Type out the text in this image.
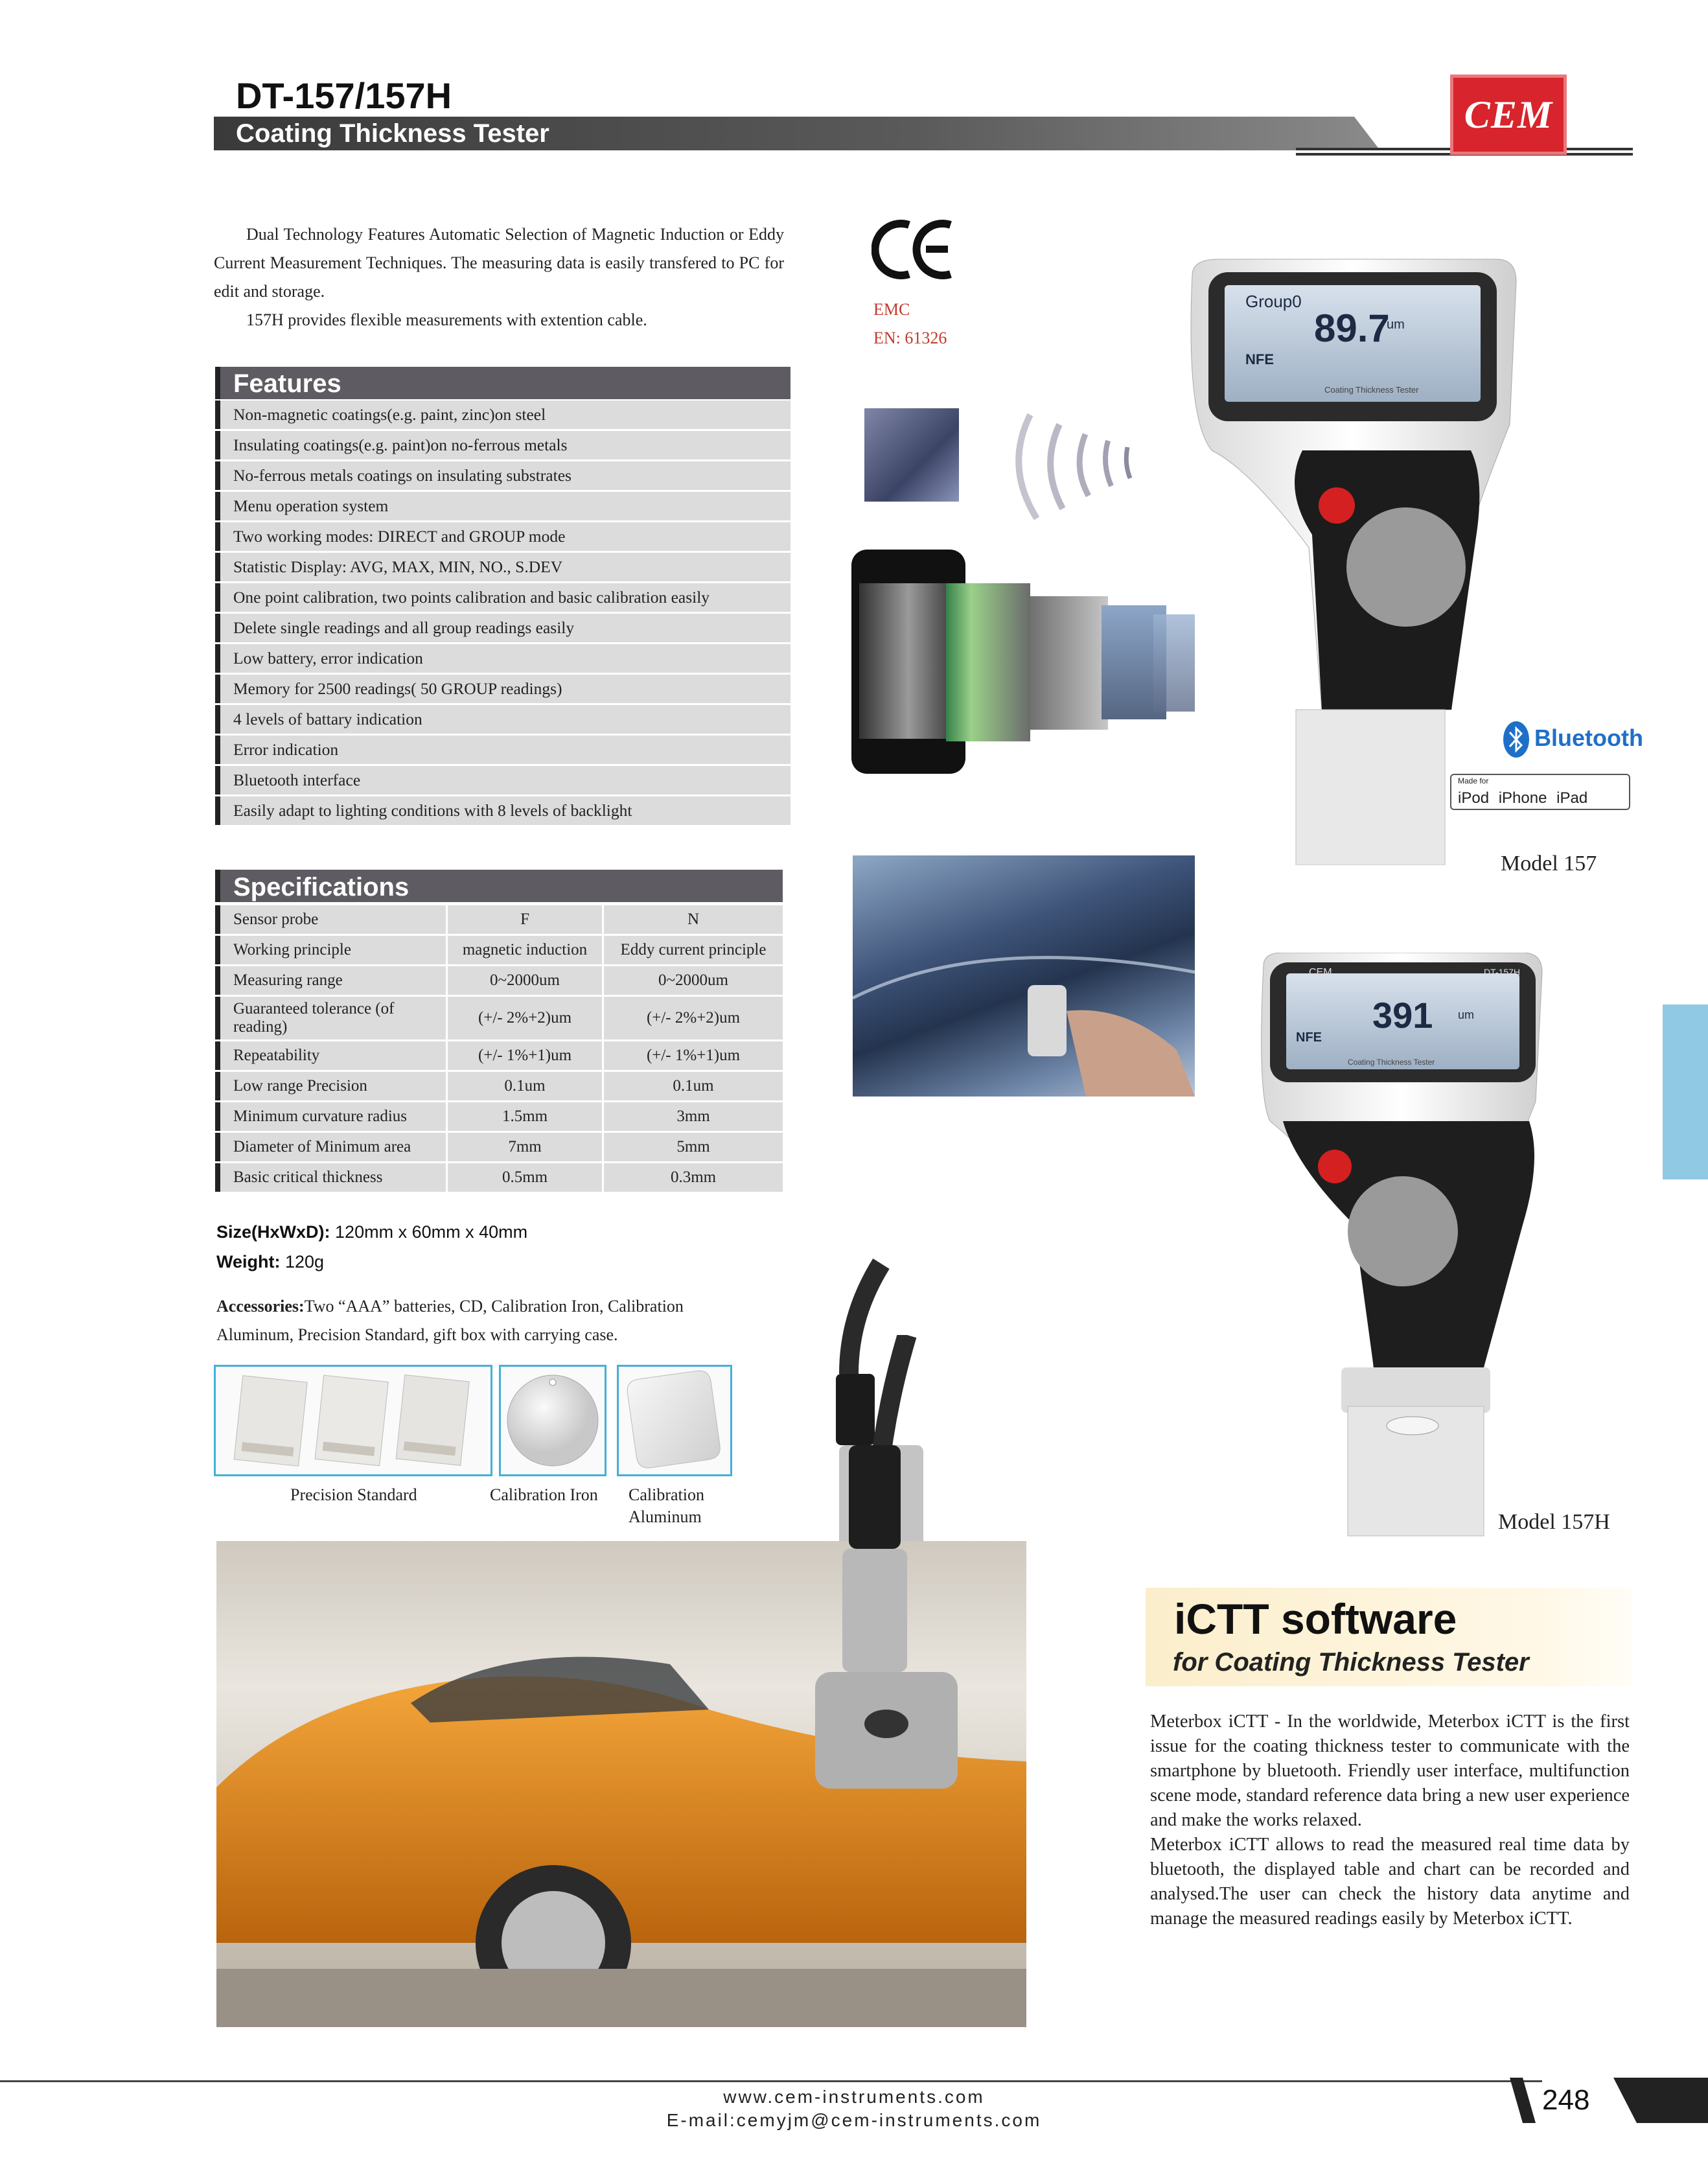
DT-157/157H
Coating Thickness Tester	CEM

Dual Technology Features Automatic Selection of Magnetic Induction or Eddy Current Measurement Techniques. The measuring data is easily transfered to PC for edit and storage.

157H provides flexible measurements with extention cable.

EMC
EN: 61326
Features
Non-magnetic coatings(e.g. paint, zinc)on steel
Insulating coatings(e.g. paint)on no-ferrous metals
No-ferrous metals coatings on insulating substrates
Menu operation system
Two working modes: DIRECT and GROUP mode
Statistic Display: AVG, MAX, MIN, NO., S.DEV
One point calibration, two points calibration and basic calibration easily
Delete single readings and all group readings easily
Low battery, error indication
Memory for 2500 readings( 50 GROUP readings)
4 levels of battary indication
Error indication
Bluetooth interface
Easily adapt to lighting conditions with 8 levels of backlight
Specifications
Sensor probe	F	N
Working principle	magnetic induction	Eddy current principle
Measuring range	0~2000um	0~2000um
Guaranteed tolerance (of reading)	(+/- 2%+2)um	(+/- 2%+2)um
Repeatability	(+/- 1%+1)um	(+/- 1%+1)um
Low range Precision	0.1um	0.1um
Minimum curvature radius	1.5mm	3mm
Diameter of Minimum area	7mm	5mm
Basic critical thickness	0.5mm	0.3mm
Size(HxWxD): 120mm x 60mm x 40mm
Weight: 120g
Accessories:Two “AAA” batteries, CD, Calibration Iron, Calibration Aluminum, Precision Standard, gift box with carrying case.
Precision Standard	Calibration Iron Calibration Aluminum
Group0
89.7
um
NFE
Coating Thickness Tester
Bluetooth
Made for
iPod iPhone iPad
Model 157
CEM	DT-157H
391 um
NFE
Coating Thickness Tester
Model 157H
iCTT software
for Coating Thickness Tester

Meterbox iCTT - In the worldwide, Meterbox iCTT is the first issue for the coating thickness tester to communicate with the smartphone by bluetooth. Friendly user interface, multifunction scene mode, standard reference data bring a new user experience and make the works relaxed.

Meterbox iCTT allows to read the measured real time data by bluetooth, the displayed table and chart can be recorded and analysed.The user can check the history data anytime and manage the measured readings easily by Meterbox iCTT.

www.cem-instruments.com
E-mail:cemyjm@cem-instruments.com
248
